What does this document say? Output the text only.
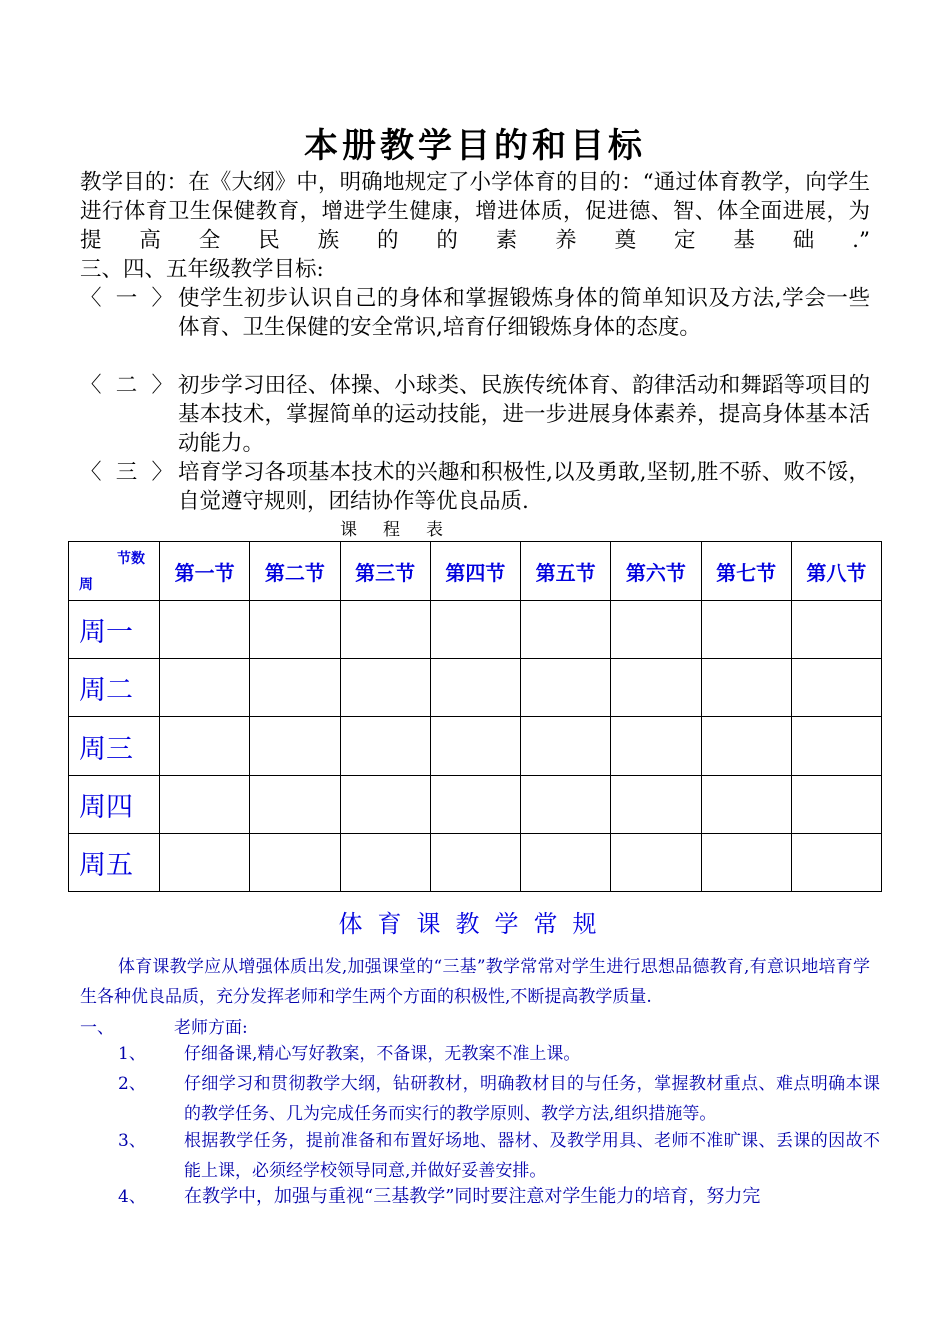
本册教学目的和目标
教学目的：在《大纲》中，明确地规定了小学体育的目的：“通过体育教学，向学生进行体育卫生保健教育，增进学生健康，增进体质，促进德、智、体全面进展，为提高全民族的的素养奠定基础.”
三、四、五年级教学目标:
〈一〉 使学生初步认识自己的身体和掌握锻炼身体的简单知识及方法,学会一些体育、卫生保健的安全常识,培育仔细锻炼身体的态度。
〈二〉 初步学习田径、体操、小球类、民族传统体育、韵律活动和舞蹈等项目的基本技术，掌握简单的运动技能，进一步进展身体素养，提高身体基本活动能力。
〈三〉 培育学习各项基本技术的兴趣和积极性,以及勇敢,坚韧,胜不骄、败不馁，自觉遵守规则，团结协作等优良品质.
课程表
节数
周	第一节	第二节	第三节	第四节	第五节	第六节	第七节	第八节
周一								
周二								
周三								
周四								
周五								
体育课教学常规
体育课教学应从增强体质出发,加强课堂的“三基”教学常常对学生进行思想品德教育,有意识地培育学生各种优良品质，充分发挥老师和学生两个方面的积极性,不断提高教学质量.
一、	老师方面:
1、 仔细备课,精心写好教案，不备课，无教案不准上课。
2、 仔细学习和贯彻教学大纲，钻研教材，明确教材目的与任务，掌握教材重点、难点明确本课的教学任务、几为完成任务而实行的教学原则、教学方法,组织措施等。
3、 根据教学任务，提前准备和布置好场地、器材、及教学用具、老师不准旷课、丢课的因故不能上课，必须经学校领导同意,并做好妥善安排。
4、 在教学中，加强与重视“三基教学”同时要注意对学生能力的培育，努力完
